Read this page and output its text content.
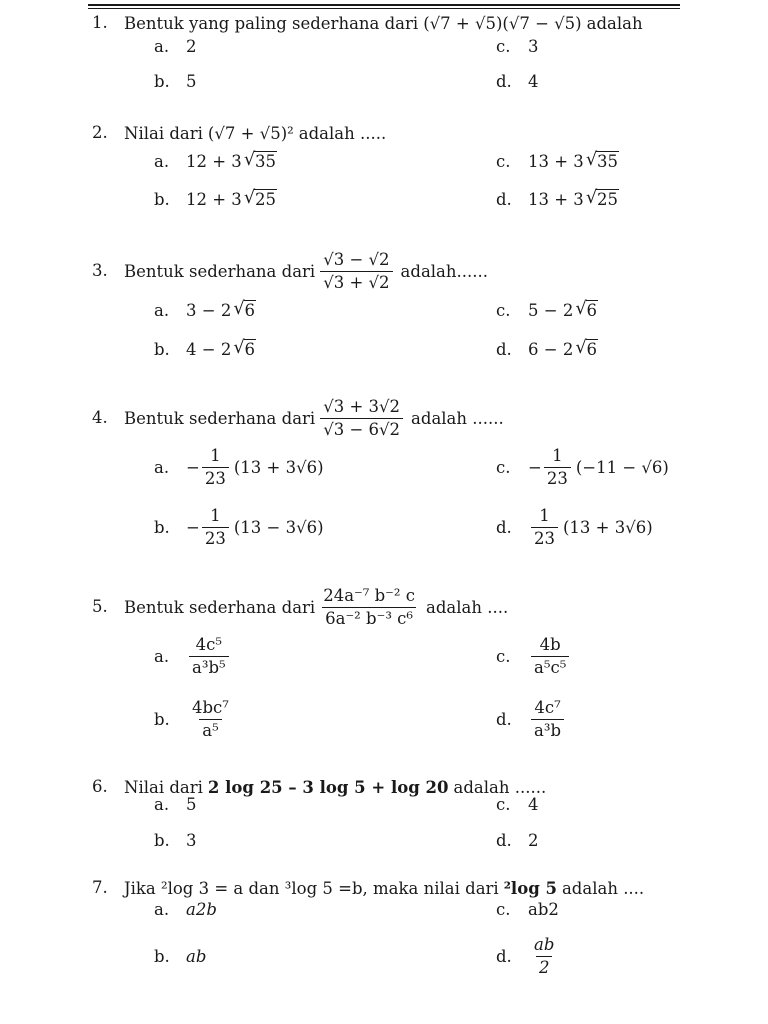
1. Bentuk yang paling sederhana dari (√7 + √5)(√7 − √5) adalah
a.	2	c.	3
b. 5	d. 4
2. Nilai dari (√7 + √5)² adalah .....
a.	12 + 3 √ 35	c.	13 + 3 √ 35
b. 12 + 3 √ 25	d. 13 + 3 √ 25
3. Bentuk sederhana dari $\frac{√3 - √2}{√3 + √2}$ adalah......
a.	3 − 2 √ 6	c.	5 − 2 √ 6
b. 4 − 2 √ 6	d. 6 − 2 √ 6
4. Bentuk sederhana dari $\frac{√3 + 3√2}{√3 - 6√2}$ adalah ......
a.	− $\frac{1}{23} (13 + 3√6)$	c.	− $\frac{1}{23} (-11 - √6)$
b. − $\frac{1}{23} (13 - 3√6)$	d.	$\frac{1}{23} (13 + 3√6)$
5. Bentuk sederhana dari $\frac{\text{24a⁻⁷ b⁻² c}}{\text{6a⁻² b⁻³ c⁶}}$ adalah ....
a.	$\frac{\text{4c⁵}}{\text{a³b⁵}}$	c.	$\frac{4b}{\text{a⁵c⁵}}$
b.	$\frac{\text{4bc⁷}}{\text{a⁵}}$	d.	$\frac{\text{4c⁷}}{\text{a³b}}$
6. Nilai dari 2 log 25 – 3 log 5 + log 20 adalah ......
a.	5	c.	4
b. 3	d. 2
7. Jika ²log 3 = a dan ³log 5 =b, maka nilai dari ²log 5 adalah ....
a.	a2b	c.	ab2
b. ab	d.	$\frac{ab}{2}$
